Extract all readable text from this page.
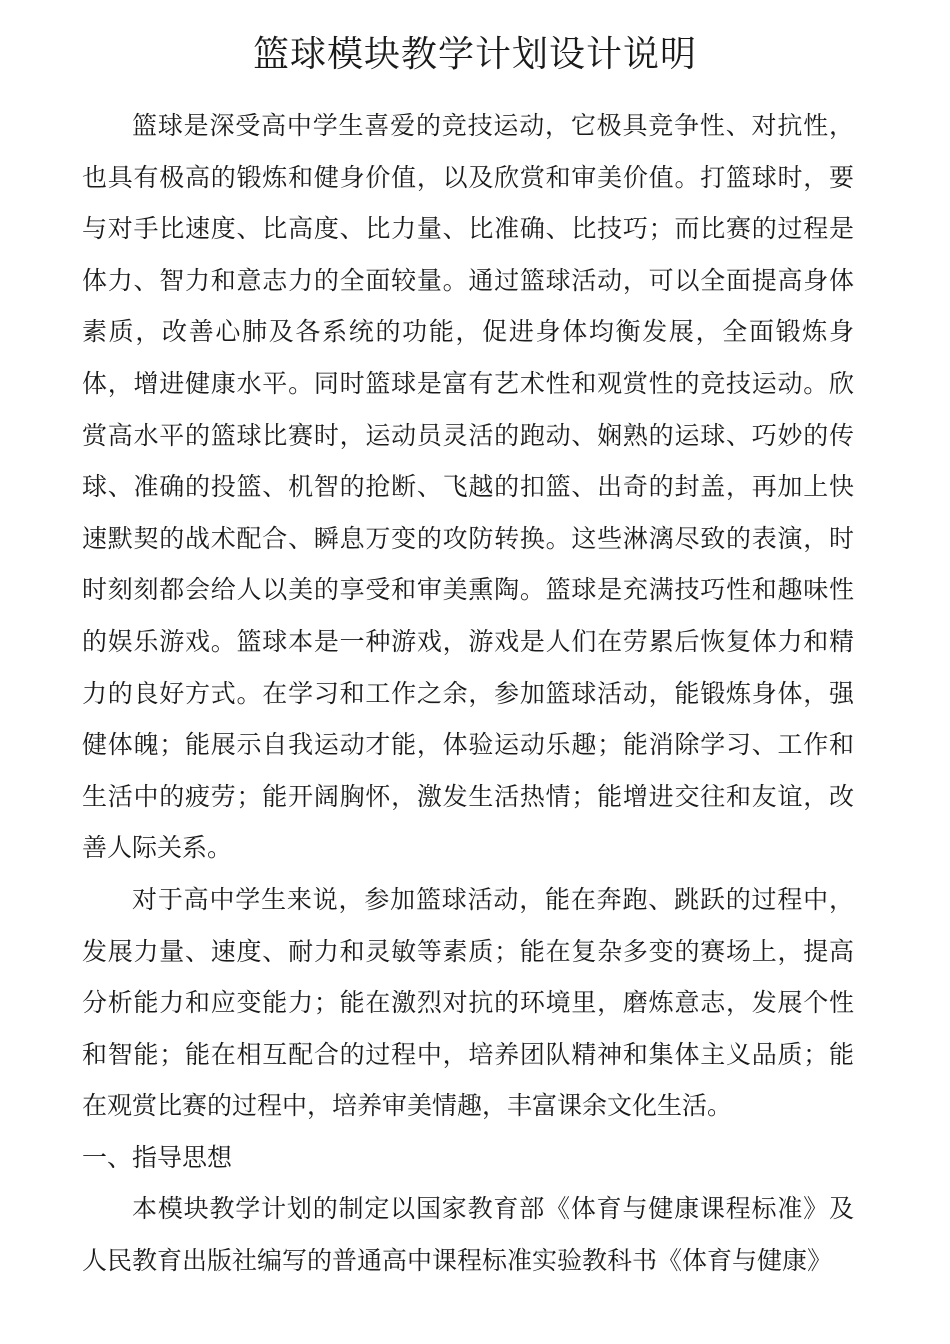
篮球模块教学计划设计说明

篮球是深受高中学生喜爱的竞技运动，它极具竞争性、对抗性，也具有极高的锻炼和健身价值，以及欣赏和审美价值。打篮球时，要与对手比速度、比高度、比力量、比准确、比技巧；而比赛的过程是体力、智力和意志力的全面较量。通过篮球活动，可以全面提高身体素质，改善心肺及各系统的功能，促进身体均衡发展，全面锻炼身体，增进健康水平。同时篮球是富有艺术性和观赏性的竞技运动。欣赏高水平的篮球比赛时，运动员灵活的跑动、娴熟的运球、巧妙的传球、准确的投篮、机智的抢断、飞越的扣篮、出奇的封盖，再加上快速默契的战术配合、瞬息万变的攻防转换。这些淋漓尽致的表演，时时刻刻都会给人以美的享受和审美熏陶。篮球是充满技巧性和趣味性的娱乐游戏。篮球本是一种游戏，游戏是人们在劳累后恢复体力和精力的良好方式。在学习和工作之余，参加篮球活动，能锻炼身体，强健体魄；能展示自我运动才能，体验运动乐趣；能消除学习、工作和生活中的疲劳；能开阔胸怀，激发生活热情；能增进交往和友谊，改善人际关系。

对于高中学生来说，参加篮球活动，能在奔跑、跳跃的过程中，发展力量、速度、耐力和灵敏等素质；能在复杂多变的赛场上，提高分析能力和应变能力；能在激烈对抗的环境里，磨炼意志，发展个性和智能；能在相互配合的过程中，培养团队精神和集体主义品质；能在观赏比赛的过程中，培养审美情趣，丰富课余文化生活。

一、指导思想

本模块教学计划的制定以国家教育部《体育与健康课程标准》及人民教育出版社编写的普通高中课程标准实验教科书《体育与健康》
